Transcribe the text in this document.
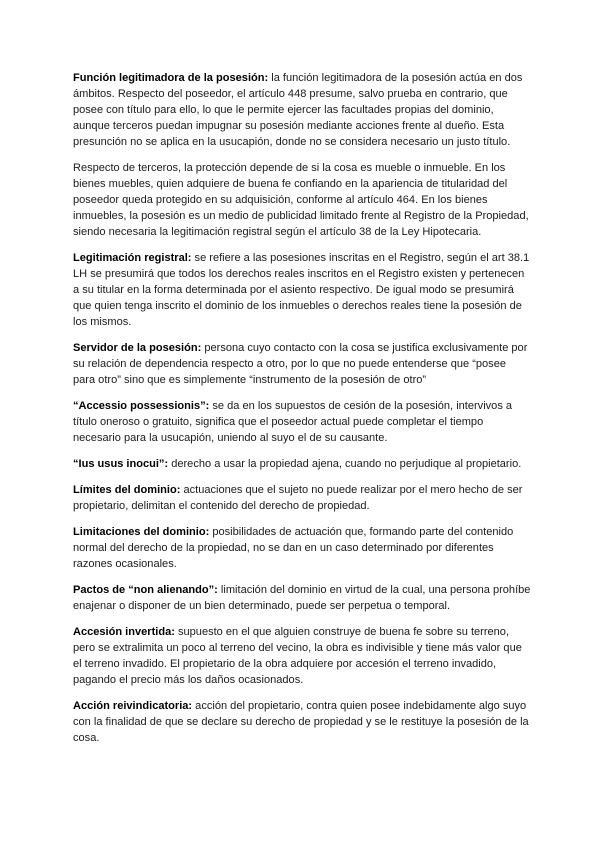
Función legitimadora de la posesión: la función legitimadora de la posesión actúa en dos ámbitos. Respecto del poseedor, el artículo 448 presume, salvo prueba en contrario, que posee con título para ello, lo que le permite ejercer las facultades propias del dominio, aunque terceros puedan impugnar su posesión mediante acciones frente al dueño. Esta presunción no se aplica en la usucapión, donde no se considera necesario un justo título.

Respecto de terceros, la protección depende de si la cosa es mueble o inmueble. En los bienes muebles, quien adquiere de buena fe confiando en la apariencia de titularidad del poseedor queda protegido en su adquisición, conforme al artículo 464. En los bienes inmuebles, la posesión es un medio de publicidad limitado frente al Registro de la Propiedad, siendo necesaria la legitimación registral según el artículo 38 de la Ley Hipotecaria.

Legitimación registral: se refiere a las posesiones inscritas en el Registro, según el art 38.1 LH se presumirá que todos los derechos reales inscritos en el Registro existen y pertenecen a su titular en la forma determinada por el asiento respectivo. De igual modo se presumirá que quien tenga inscrito el dominio de los inmuebles o derechos reales tiene la posesión de los mismos.

Servidor de la posesión: persona cuyo contacto con la cosa se justifica exclusivamente por su relación de dependencia respecto a otro, por lo que no puede entenderse que “posee para otro” sino que es simplemente “instrumento de la posesión de otro”

“Accessio possessionis”: se da en los supuestos de cesión de la posesión, intervivos a título oneroso o gratuito, significa que el poseedor actual puede completar el tiempo necesario para la usucapión, uniendo al suyo el de su causante.

“Ius usus inocui”: derecho a usar la propiedad ajena, cuando no perjudique al propietario.

Límites del dominio: actuaciones que el sujeto no puede realizar por el mero hecho de ser propietario, delimitan el contenido del derecho de propiedad.

Limitaciones del dominio: posibilidades de actuación que, formando parte del contenido normal del derecho de la propiedad, no se dan en un caso determinado por diferentes razones ocasionales.

Pactos de “non alienando”: limitación del dominio en virtud de la cual, una persona prohíbe enajenar o disponer de un bien determinado, puede ser perpetua o temporal.

Accesión invertida: supuesto en el que alguien construye de buena fe sobre su terreno, pero se extralimita un poco al terreno del vecino, la obra es indivisible y tiene más valor que el terreno invadido. El propietario de la obra adquiere por accesión el terreno invadido, pagando el precio más los daños ocasionados.

Acción reivindicatoria: acción del propietario, contra quien posee indebidamente algo suyo con la finalidad de que se declare su derecho de propiedad y se le restituye la posesión de la cosa.
